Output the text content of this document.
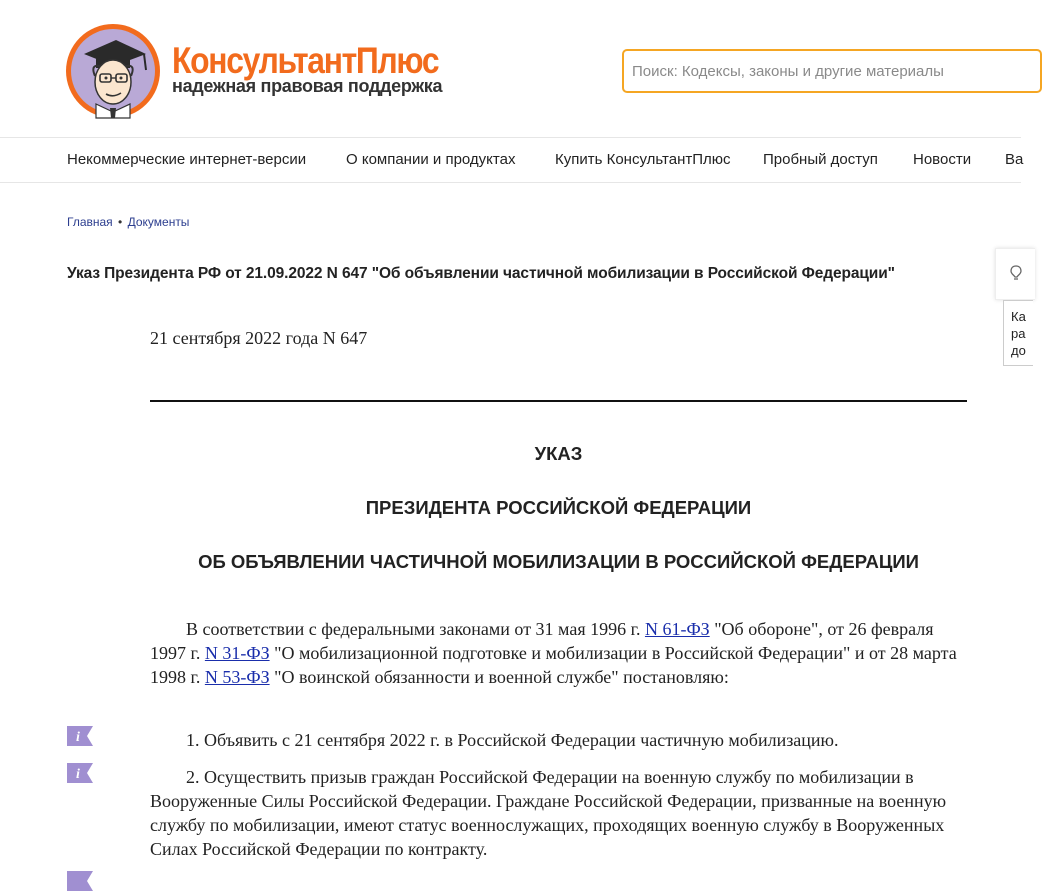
КонсультантПлюс
надежная правовая поддержка
Поиск: Кодексы, законы и другие материалы
Некоммерческие интернет-версии	О компании и продуктах	Купить КонсультантПлюс Пробный доступ Новости Ва
Главная • Документы
Указ Президента РФ от 21.09.2022 N 647 "Об объявлении частичной мобилизации в Российской Федерации"
Ка ра до
21 сентября 2022 года N 647
УКАЗ
ПРЕЗИДЕНТА РОССИЙСКОЙ ФЕДЕРАЦИИ
ОБ ОБЪЯВЛЕНИИ ЧАСТИЧНОЙ МОБИЛИЗАЦИИ В РОССИЙСКОЙ ФЕДЕРАЦИИ
В соответствии с федеральными законами от 31 мая 1996 г. N 61-ФЗ "Об обороне", от 26 февраля 1997 г. N 31-ФЗ "О мобилизационной подготовке и мобилизации в Российской Федерации" и от 28 марта 1998 г. N 53-ФЗ "О воинской обязанности и военной службе" постановляю:
i	1. Объявить с 21 сентября 2022 г. в Российской Федерации частичную мобилизацию.
i	2. Осуществить призыв граждан Российской Федерации на военную службу по мобилизации в Вооруженные Силы Российской Федерации. Граждане Российской Федерации, призванные на военную службу по мобилизации, имеют статус военнослужащих, проходящих военную службу в Вооруженных Силах Российской Федерации по контракту.
